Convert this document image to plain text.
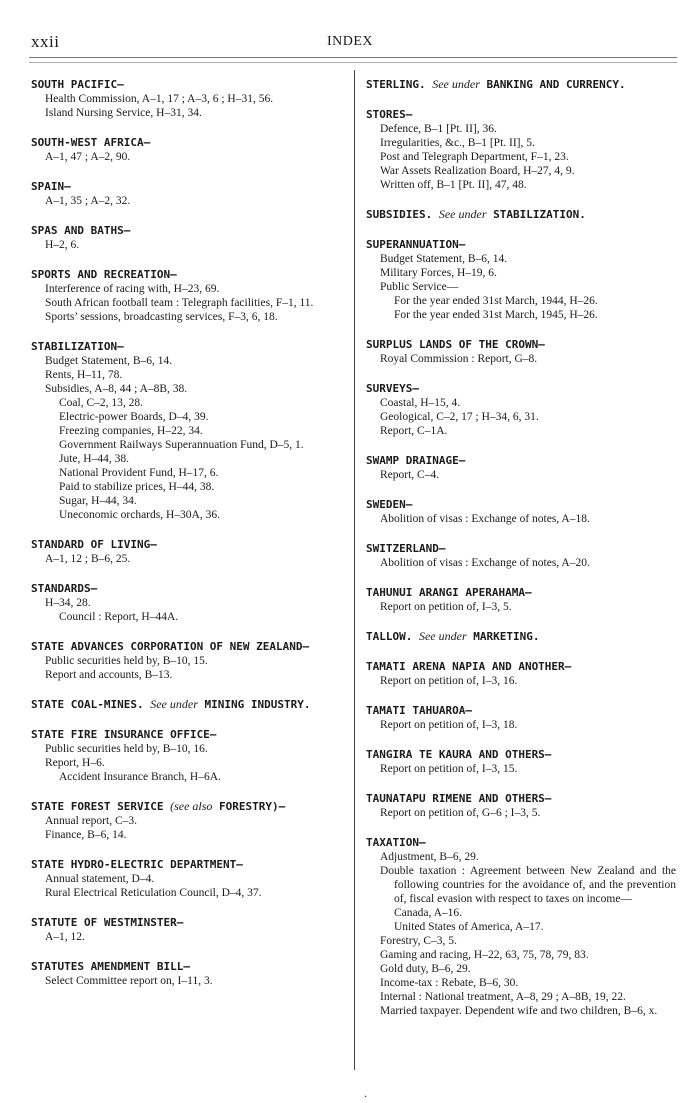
xxii	INDEX
SOUTH PACIFIC—
Health Commission, A–1, 17 ; A–3, 6 ; H–31, 56.
Island Nursing Service, H–31, 34.
SOUTH-WEST AFRICA—
A–1, 47 ; A–2, 90.
SPAIN—
A–1, 35 ; A–2, 32.
SPAS AND BATHS—
H–2, 6.
SPORTS AND RECREATION—
Interference of racing with, H–23, 69.
South African football team : Telegraph facilities, F–1, 11.
Sports’ sessions, broadcasting services, F–3, 6, 18.
STABILIZATION—
Budget Statement, B–6, 14.
Rents, H–11, 78.
Subsidies, A–8, 44 ; A–8B, 38.
Coal, C–2, 13, 28.
Electric-power Boards, D–4, 39.
Freezing companies, H–22, 34.
Government Railways Superannuation Fund, D–5, 1.
Jute, H–44, 38.
National Provident Fund, H–17, 6.
Paid to stabilize prices, H–44, 38.
Sugar, H–44, 34.
Uneconomic orchards, H–30A, 36.
STANDARD OF LIVING—
A–1, 12 ; B–6, 25.
STANDARDS—
H–34, 28.
Council : Report, H–44A.
STATE ADVANCES CORPORATION OF NEW ZEALAND—
Public securities held by, B–10, 15.
Report and accounts, B–13.
STATE COAL-MINES. See under MINING INDUSTRY.
STATE FIRE INSURANCE OFFICE—
Public securities held by, B–10, 16.
Report, H–6.
Accident Insurance Branch, H–6A.
STATE FOREST SERVICE (see also FORESTRY)—
Annual report, C–3.
Finance, B–6, 14.
STATE HYDRO-ELECTRIC DEPARTMENT—
Annual statement, D–4.
Rural Electrical Reticulation Council, D–4, 37.
STATUTE OF WESTMINSTER—
A–1, 12.
STATUTES AMENDMENT BILL—
Select Committee report on, I–11, 3.
STERLING. See under BANKING AND CURRENCY.
STORES—
Defence, B–1 [Pt. II], 36.
Irregularities, &c., B–1 [Pt. II], 5.
Post and Telegraph Department, F–1, 23.
War Assets Realization Board, H–27, 4, 9.
Written off, B–1 [Pt. II], 47, 48.
SUBSIDIES. See under STABILIZATION.
SUPERANNUATION—
Budget Statement, B–6, 14.
Military Forces, H–19, 6.
Public Service—
For the year ended 31st March, 1944, H–26.
For the year ended 31st March, 1945, H–26.
SURPLUS LANDS OF THE CROWN—
Royal Commission : Report, G–8.
SURVEYS—
Coastal, H–15, 4.
Geological, C–2, 17 ; H–34, 6, 31.
Report, C–1A.
SWAMP DRAINAGE—
Report, C–4.
SWEDEN—
Abolition of visas : Exchange of notes, A–18.
SWITZERLAND—
Abolition of visas : Exchange of notes, A–20.
TAHUNUI ARANGI APERAHAMA—
Report on petition of, I–3, 5.
TALLOW. See under MARKETING.
TAMATI ARENA NAPIA AND ANOTHER—
Report on petition of, I–3, 16.
TAMATI TAHUAROA—
Report on petition of, I–3, 18.
TANGIRA TE KAURA AND OTHERS—
Report on petition of, I–3, 15.
TAUNATAPU RIMENE AND OTHERS—
Report on petition of, G–6 ; I–3, 5.
TAXATION—
Adjustment, B–6, 29.
Double taxation : Agreement between New Zealand and the following countries for the avoidance of, and the prevention of, fiscal evasion with respect to taxes on income—
Canada, A–16.
United States of America, A–17.
Forestry, C–3, 5.
Gaming and racing, H–22, 63, 75, 78, 79, 83.
Gold duty, B–6, 29.
Income-tax : Rebate, B–6, 30.
Internal : National treatment, A–8, 29 ; A–8B, 19, 22.
Married taxpayer. Dependent wife and two children, B–6, x.
.
